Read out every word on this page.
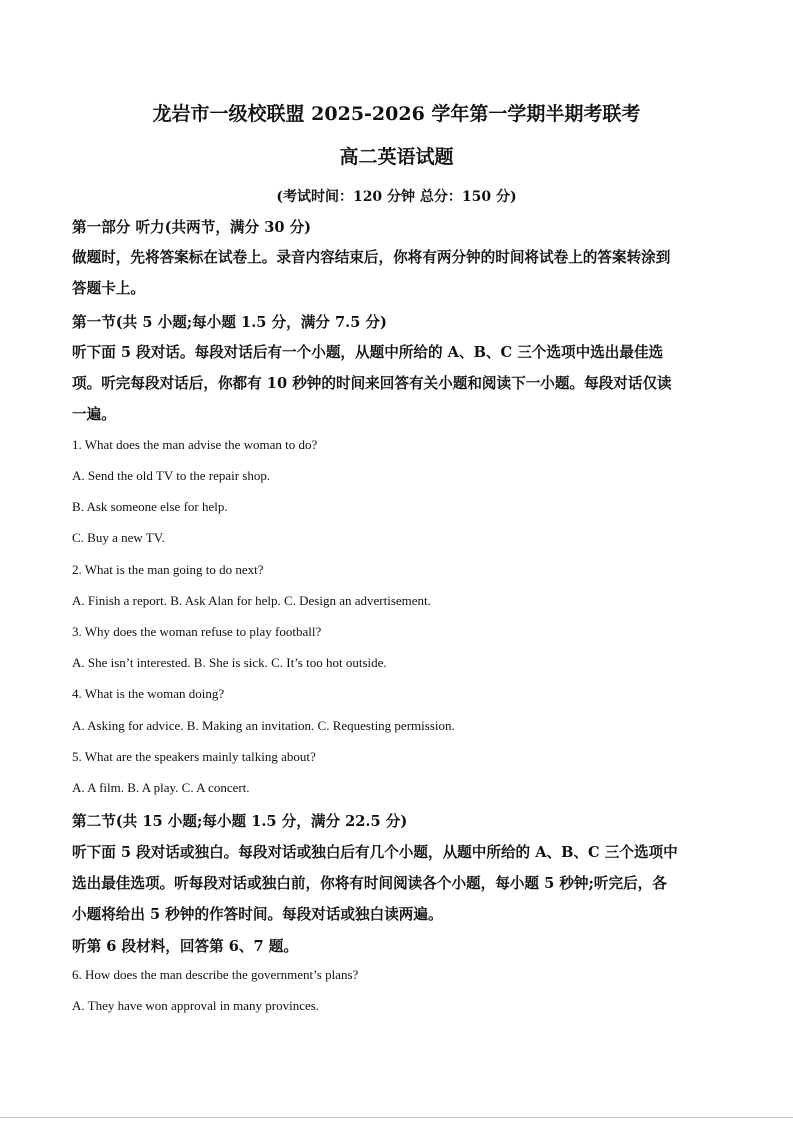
龙岩市一级校联盟 2025-2026 学年第一学期半期考联考
高二英语试题
(考试时间：120 分钟 总分：150 分)
第一部分 听力(共两节，满分 30 分)
做题时，先将答案标在试卷上。录音内容结束后，你将有两分钟的时间将试卷上的答案转涂到
答题卡上。
第一节(共 5 小题;每小题 1.5 分，满分 7.5 分)
听下面 5 段对话。每段对话后有一个小题，从题中所给的 A、B、C 三个选项中选出最佳选
项。听完每段对话后，你都有 10 秒钟的时间来回答有关小题和阅读下一小题。每段对话仅读
一遍。
1. What does the man advise the woman to do?
A. Send the old TV to the repair shop.
B. Ask someone else for help.
C. Buy a new TV.
2. What is the man going to do next?
A. Finish a report. B. Ask Alan for help. C. Design an advertisement.
3. Why does the woman refuse to play football?
A. She isn’t interested. B. She is sick. C. It’s too hot outside.
4. What is the woman doing?
A. Asking for advice. B. Making an invitation. C. Requesting permission.
5. What are the speakers mainly talking about?
A. A film. B. A play. C. A concert.
第二节(共 15 小题;每小题 1.5 分，满分 22.5 分)
听下面 5 段对话或独白。每段对话或独白后有几个小题，从题中所给的 A、B、C 三个选项中
选出最佳选项。听每段对话或独白前，你将有时间阅读各个小题，每小题 5 秒钟;听完后，各
小题将给出 5 秒钟的作答时间。每段对话或独白读两遍。
听第 6 段材料，回答第 6、7 题。
6. How does the man describe the government’s plans?
A. They have won approval in many provinces.
